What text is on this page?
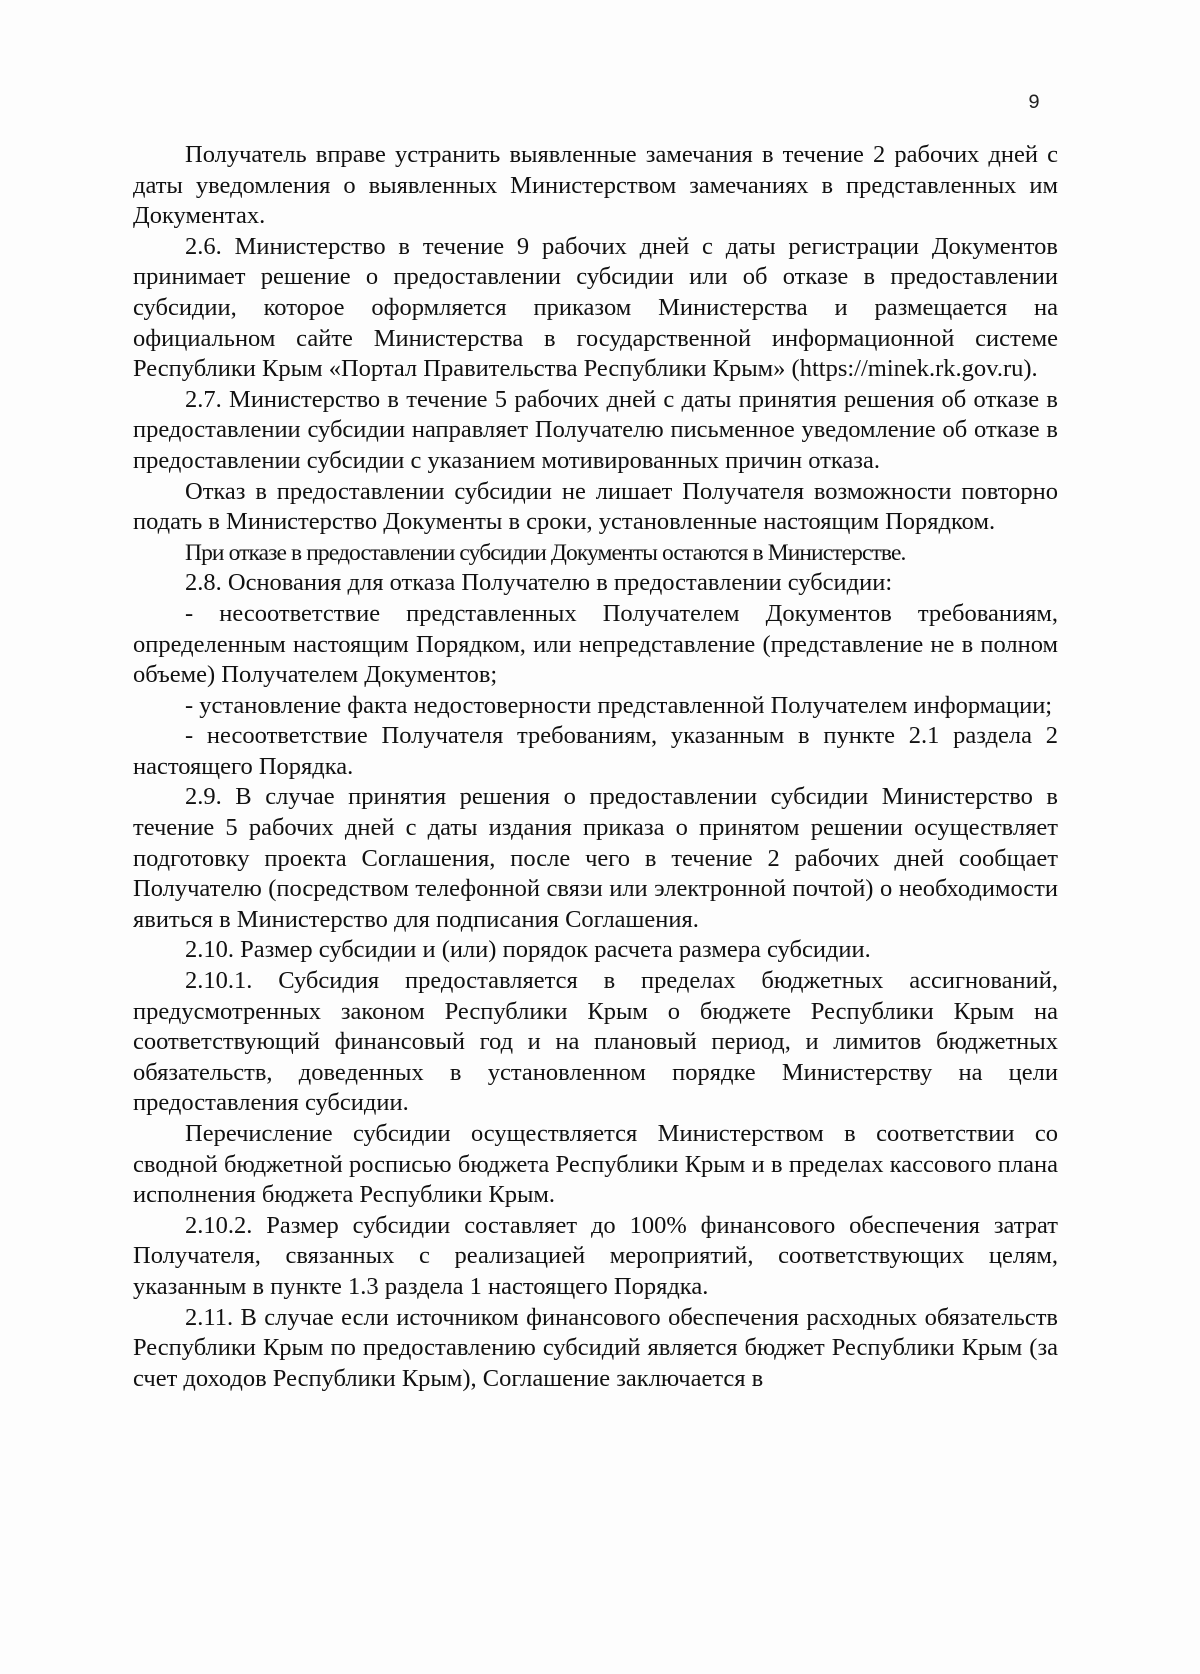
9

Получатель вправе устранить выявленные замечания в течение 2 рабочих дней с даты уведомления о выявленных Министерством замечаниях в представленных им Документах.

2.6. Министерство в течение 9 рабочих дней с даты регистрации Документов принимает решение о предоставлении субсидии или об отказе в предоставлении субсидии, которое оформляется приказом Министерства и размещается на официальном сайте Министерства в государственной информационной системе Республики Крым «Портал Правительства Республики Крым» (https://minek.rk.gov.ru).

2.7. Министерство в течение 5 рабочих дней с даты принятия решения об отказе в предоставлении субсидии направляет Получателю письменное уведомление об отказе в предоставлении субсидии с указанием мотивированных причин отказа.

Отказ в предоставлении субсидии не лишает Получателя возможности повторно подать в Министерство Документы в сроки, установленные настоящим Порядком.

При отказе в предоставлении субсидии Документы остаются в Министерстве.

2.8. Основания для отказа Получателю в предоставлении субсидии:

- несоответствие представленных Получателем Документов требованиям, определенным настоящим Порядком, или непредставление (представление не в полном объеме) Получателем Документов;

- установление факта недостоверности представленной Получателем информации;

- несоответствие Получателя требованиям, указанным в пункте 2.1 раздела 2 настоящего Порядка.

2.9. В случае принятия решения о предоставлении субсидии Министерство в течение 5 рабочих дней с даты издания приказа о принятом решении осуществляет подготовку проекта Соглашения, после чего в течение 2 рабочих дней сообщает Получателю (посредством телефонной связи или электронной почтой) о необходимости явиться в Министерство для подписания Соглашения.

2.10. Размер субсидии и (или) порядок расчета размера субсидии.

2.10.1. Субсидия предоставляется в пределах бюджетных ассигнований, предусмотренных законом Республики Крым о бюджете Республики Крым на соответствующий финансовый год и на плановый период, и лимитов бюджетных обязательств, доведенных в установленном порядке Министерству на цели предоставления субсидии.

Перечисление субсидии осуществляется Министерством в соответствии со сводной бюджетной росписью бюджета Республики Крым и в пределах кассового плана исполнения бюджета Республики Крым.

2.10.2. Размер субсидии составляет до 100% финансового обеспечения затрат Получателя, связанных с реализацией мероприятий, соответствующих целям, указанным в пункте 1.3 раздела 1 настоящего Порядка.

2.11. В случае если источником финансового обеспечения расходных обязательств Республики Крым по предоставлению субсидий является бюджет Республики Крым (за счет доходов Республики Крым), Соглашение заключается в
